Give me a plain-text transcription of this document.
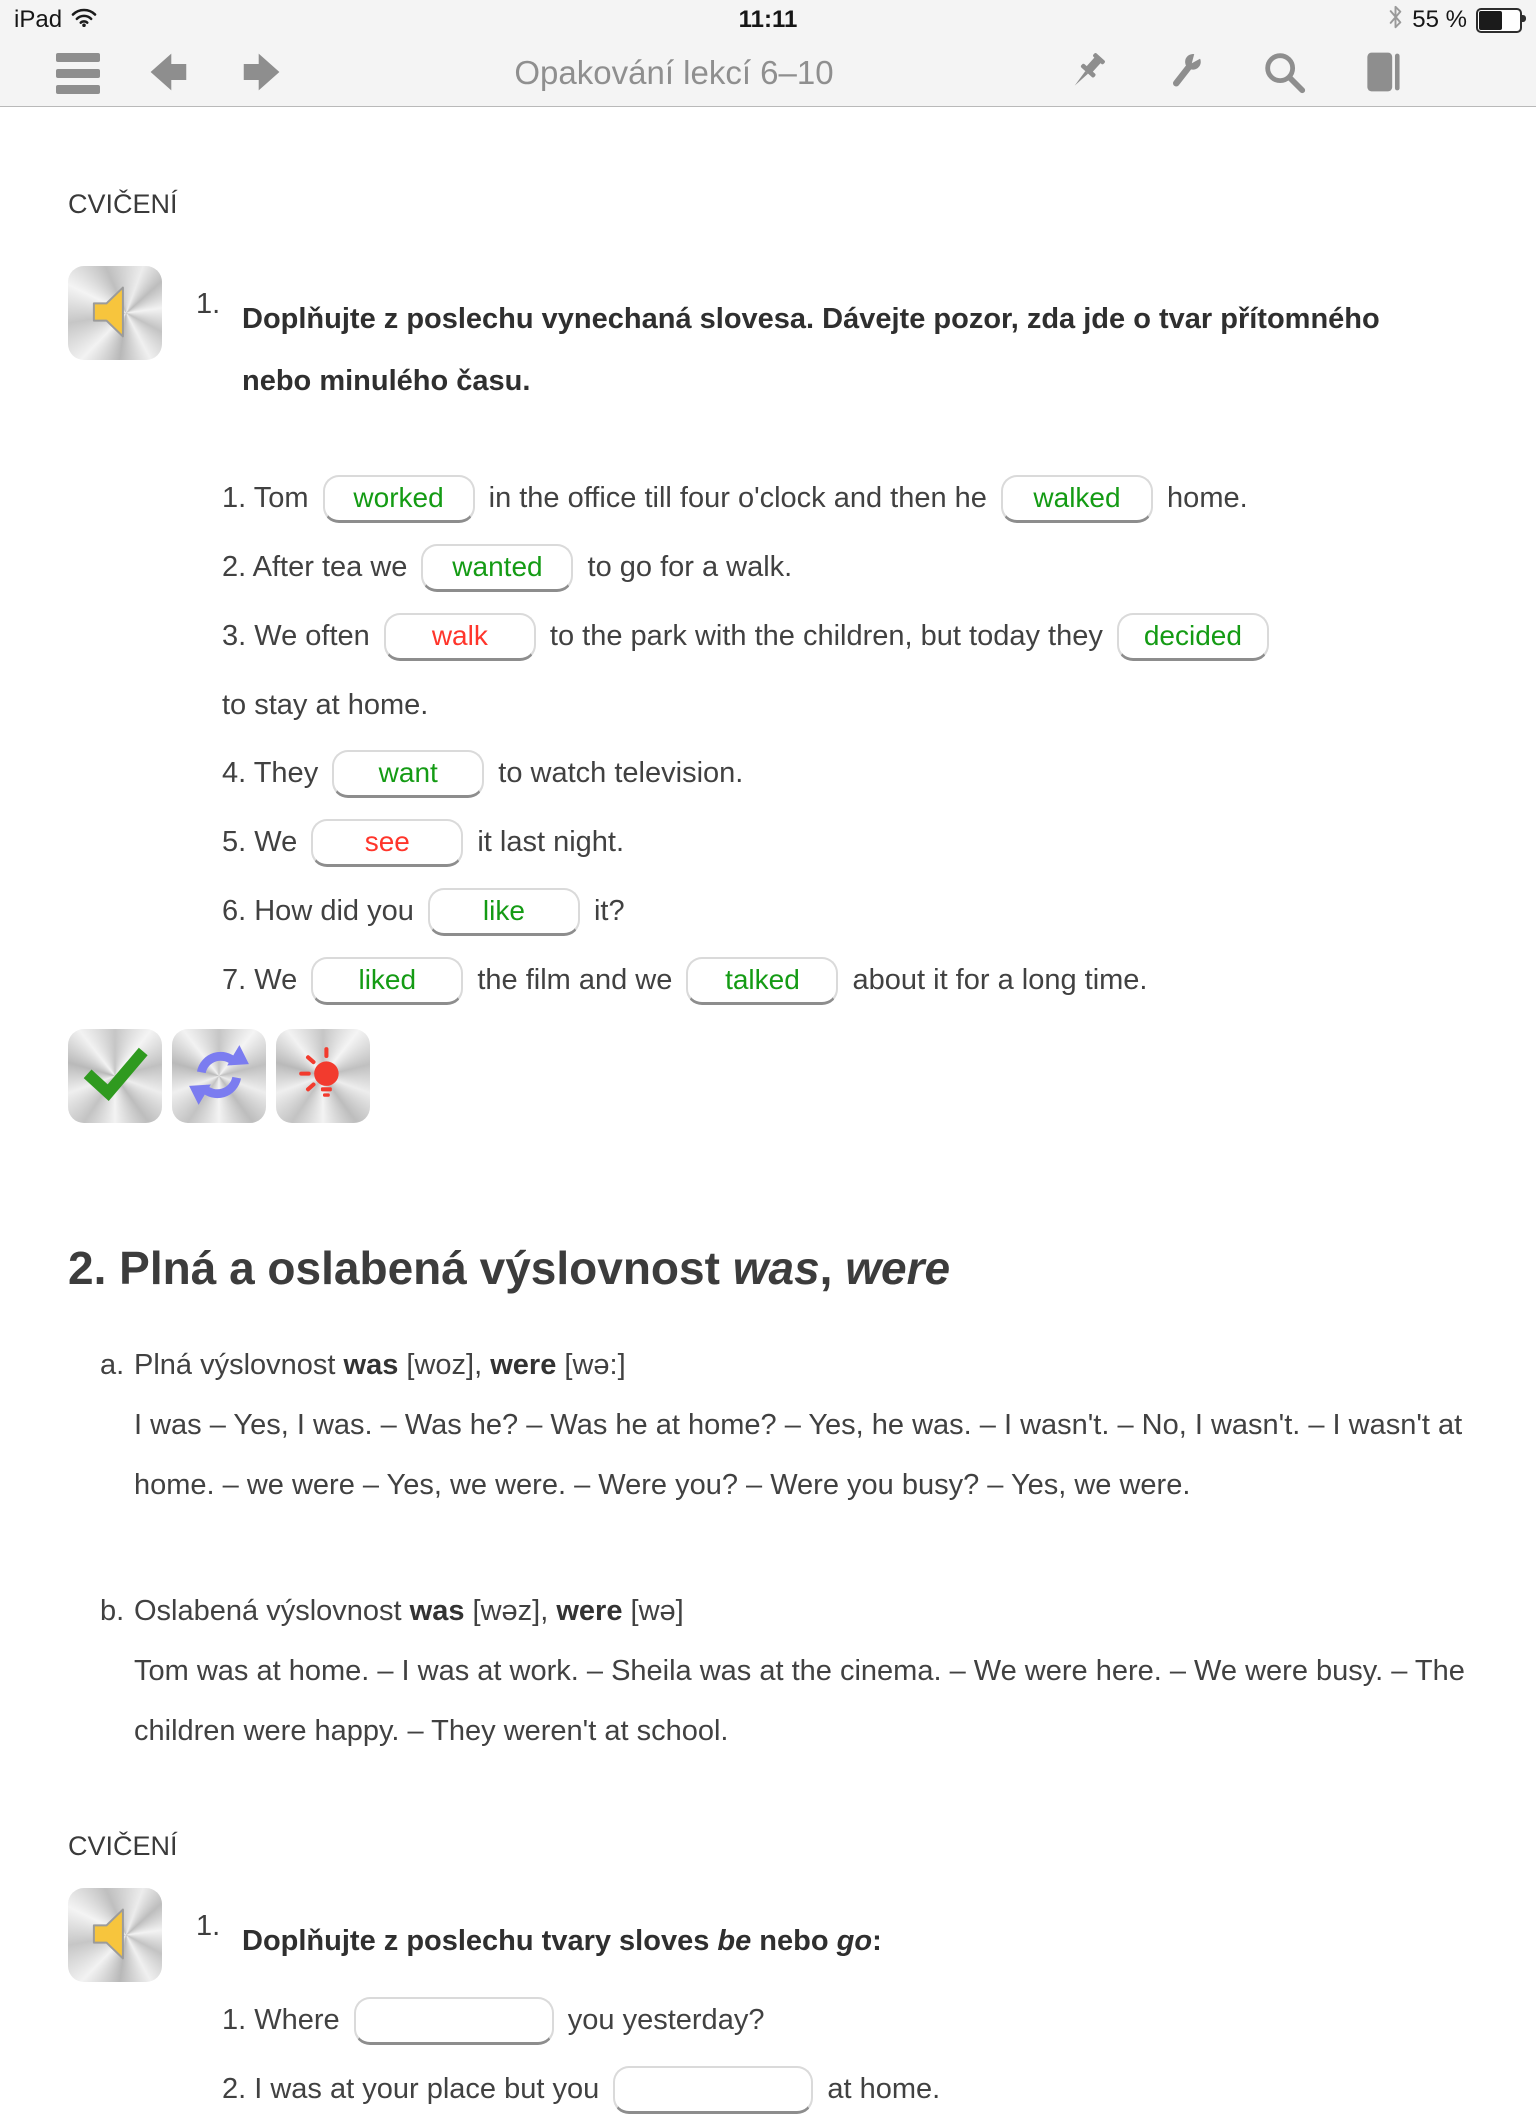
iPad	11:11	55 %
Opakování lekcí 6–10
CVIČENÍ
1. Doplňujte z poslechu vynechaná slovesa. Dávejte pozor, zda jde o tvar přítomného
nebo minulého času.
1. Tom worked in the office till four o'clock and then he walked home.
2. After tea we wanted to go for a walk.
3. We often walk to the park with the children, but today they decided
to stay at home.
4. They want to watch television.
5. We see it last night.
6. How did you like it?
7. We liked the film and we talked about it for a long time.
2. Plná a oslabená výslovnost was, were
a. Plná výslovnost was [woz], were [wə:]
I was – Yes, I was. – Was he? – Was he at home? – Yes, he was. – I wasn't. – No, I wasn't. – I wasn't at home. – we were – Yes, we were. – Were you? – Were you busy? – Yes, we were.
b. Oslabená výslovnost was [wəz], were [wə]
Tom was at home. – I was at work. – Sheila was at the cinema. – We were here. – We were busy. – The children were happy. – They weren't at school.
CVIČENÍ
1. Doplňujte z poslechu tvary sloves be nebo go:
1. Where	you yesterday?
2. I was at your place but you	at home.
